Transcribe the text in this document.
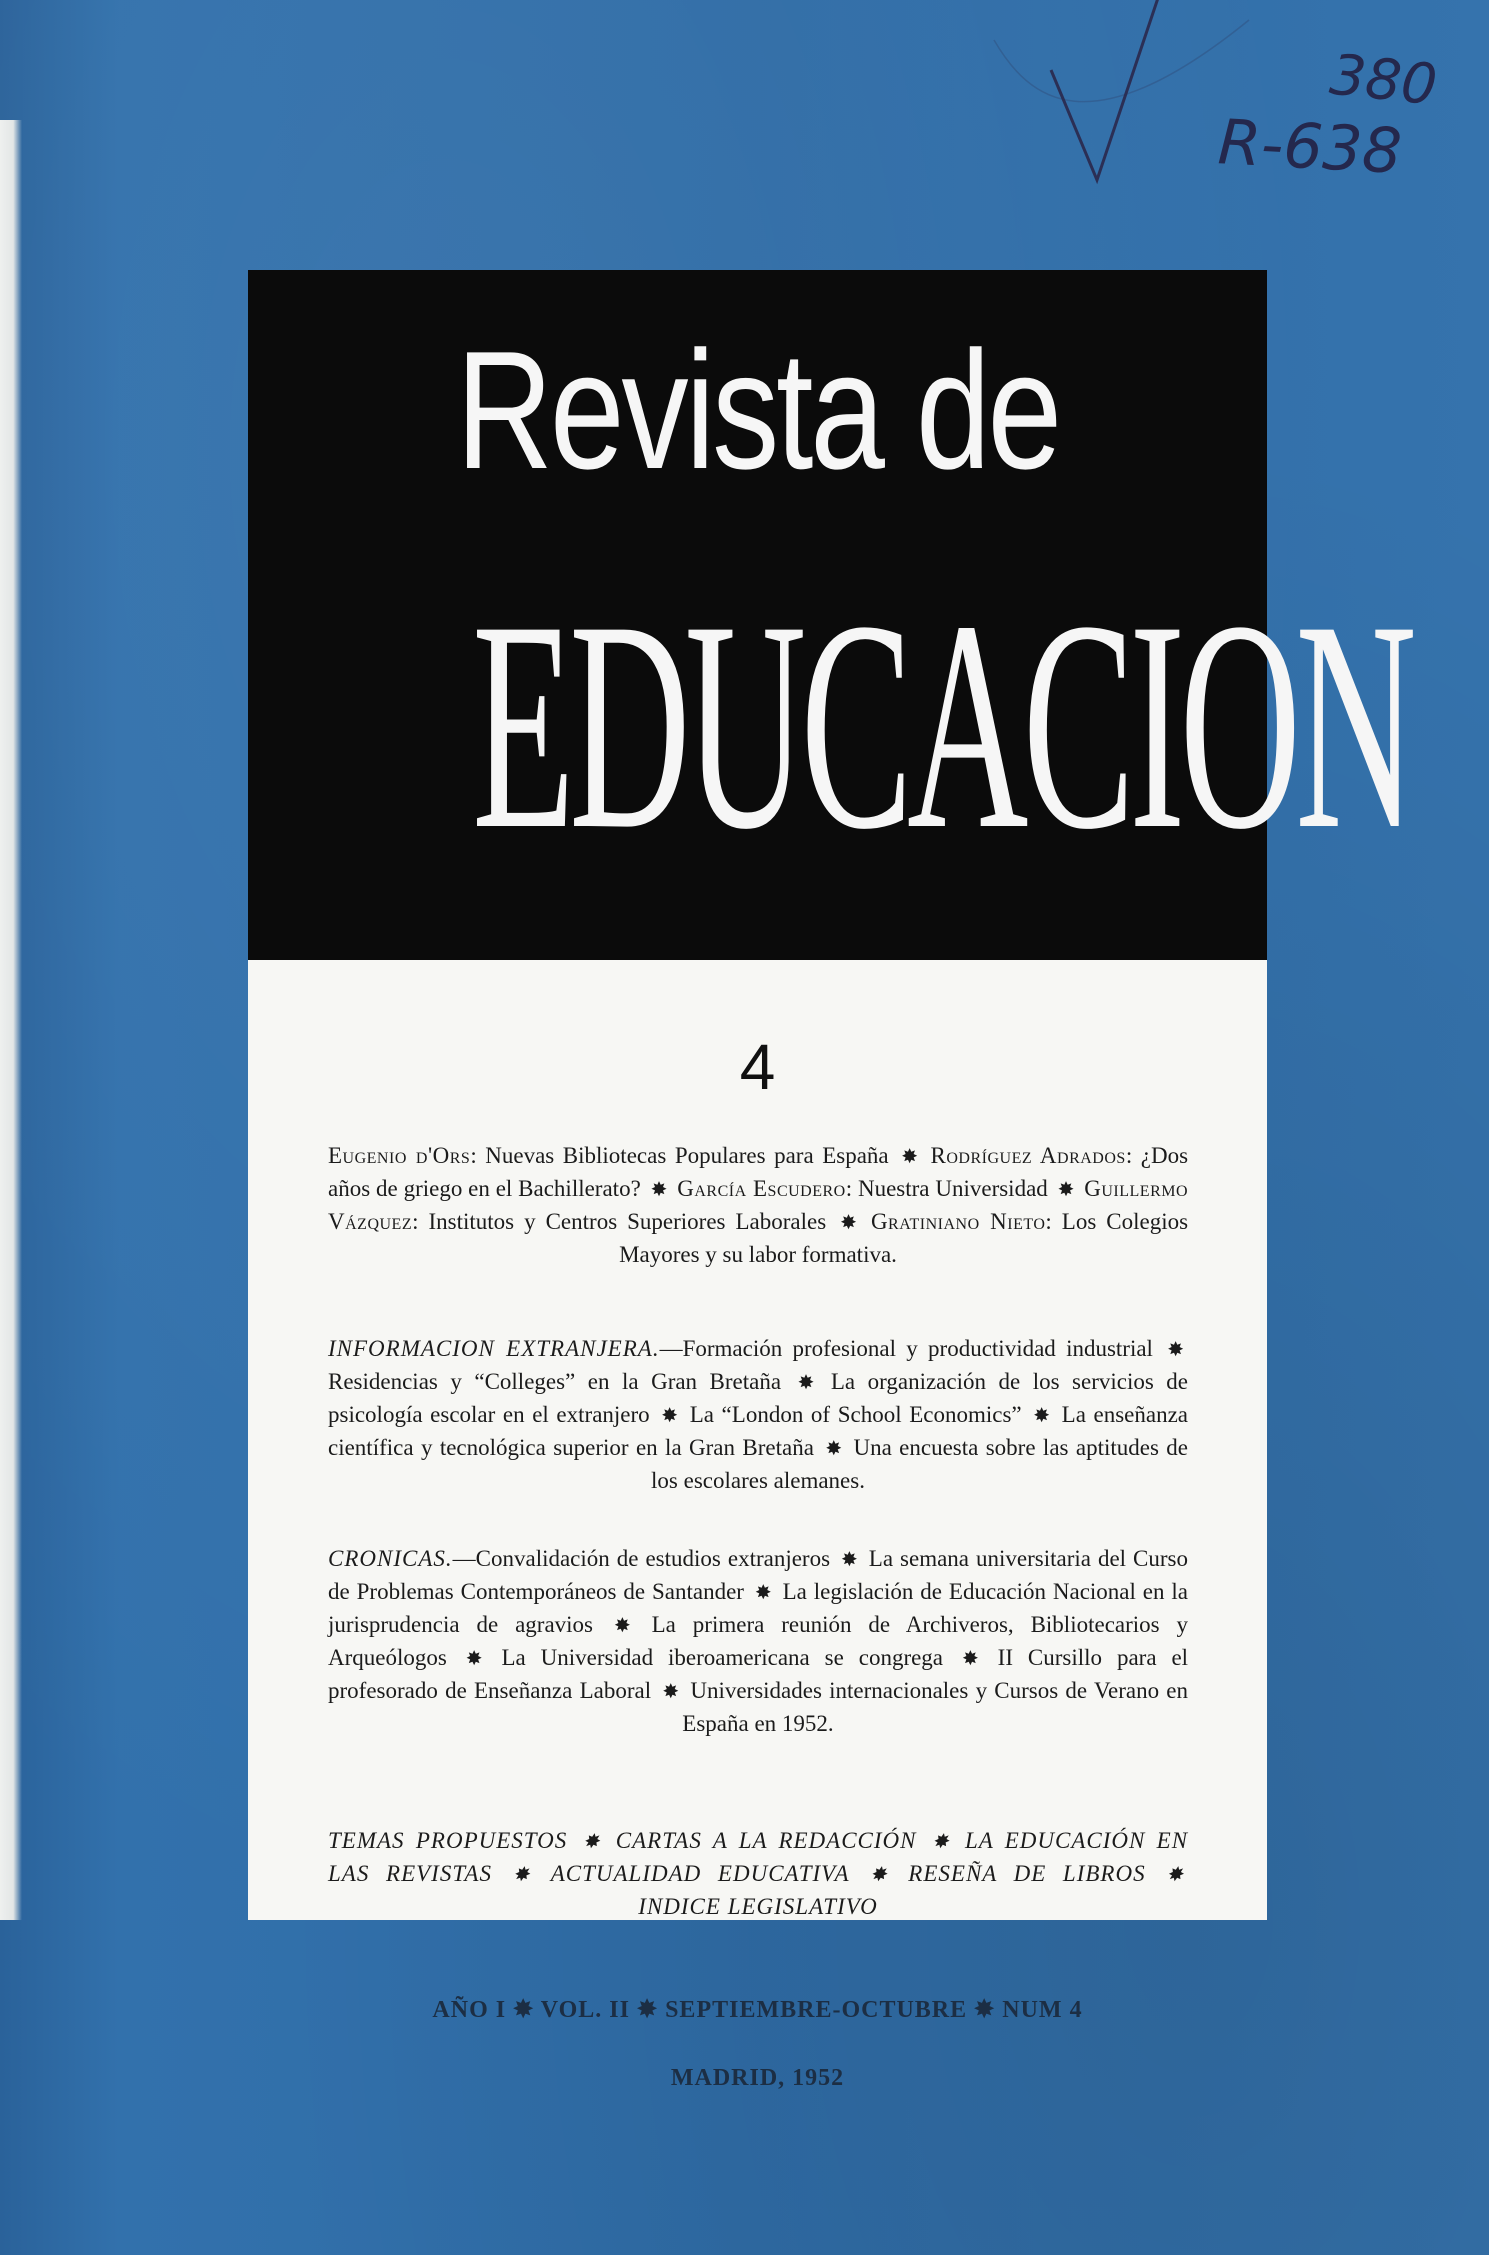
380
R-638
Revista de
EDUCACION
4
Eugenio d'Ors: Nuevas Bibliotecas Populares para España ✸ Rodríguez Adrados: ¿Dos años de griego en el Bachillerato? ✸ García Escudero: Nuestra Universidad ✸ Guillermo Vázquez: Institutos y Centros Superiores Laborales ✸ Gratiniano Nieto: Los Colegios Mayores y su labor formativa.
INFORMACION EXTRANJERA.—Formación profesional y productividad industrial ✸ Residencias y “Colleges” en la Gran Bretaña ✸ La organización de los servicios de psicología escolar en el extranjero ✸ La “London of School Economics” ✸ La enseñanza científica y tecnológica superior en la Gran Bretaña ✸ Una encuesta sobre las aptitudes de los escolares alemanes.
CRONICAS.—Convalidación de estudios extranjeros ✸ La semana universitaria del Curso de Problemas Contemporáneos de Santander ✸ La legislación de Educación Nacional en la jurisprudencia de agravios ✸ La primera reunión de Archiveros, Bibliotecarios y Arqueólogos ✸ La Universidad iberoamericana se congrega ✸ II Cursillo para el profesorado de Enseñanza Laboral ✸ Universidades internacionales y Cursos de Verano en España en 1952.
TEMAS PROPUESTOS ✸ CARTAS A LA REDACCIÓN ✸ LA EDUCACIÓN EN LAS REVISTAS ✸ ACTUALIDAD EDUCATIVA ✸ RESEÑA DE LIBROS ✸ INDICE LEGISLATIVO
AÑO I ✸ VOL. II ✸ SEPTIEMBRE-OCTUBRE ✸ NUM 4
MADRID, 1952
